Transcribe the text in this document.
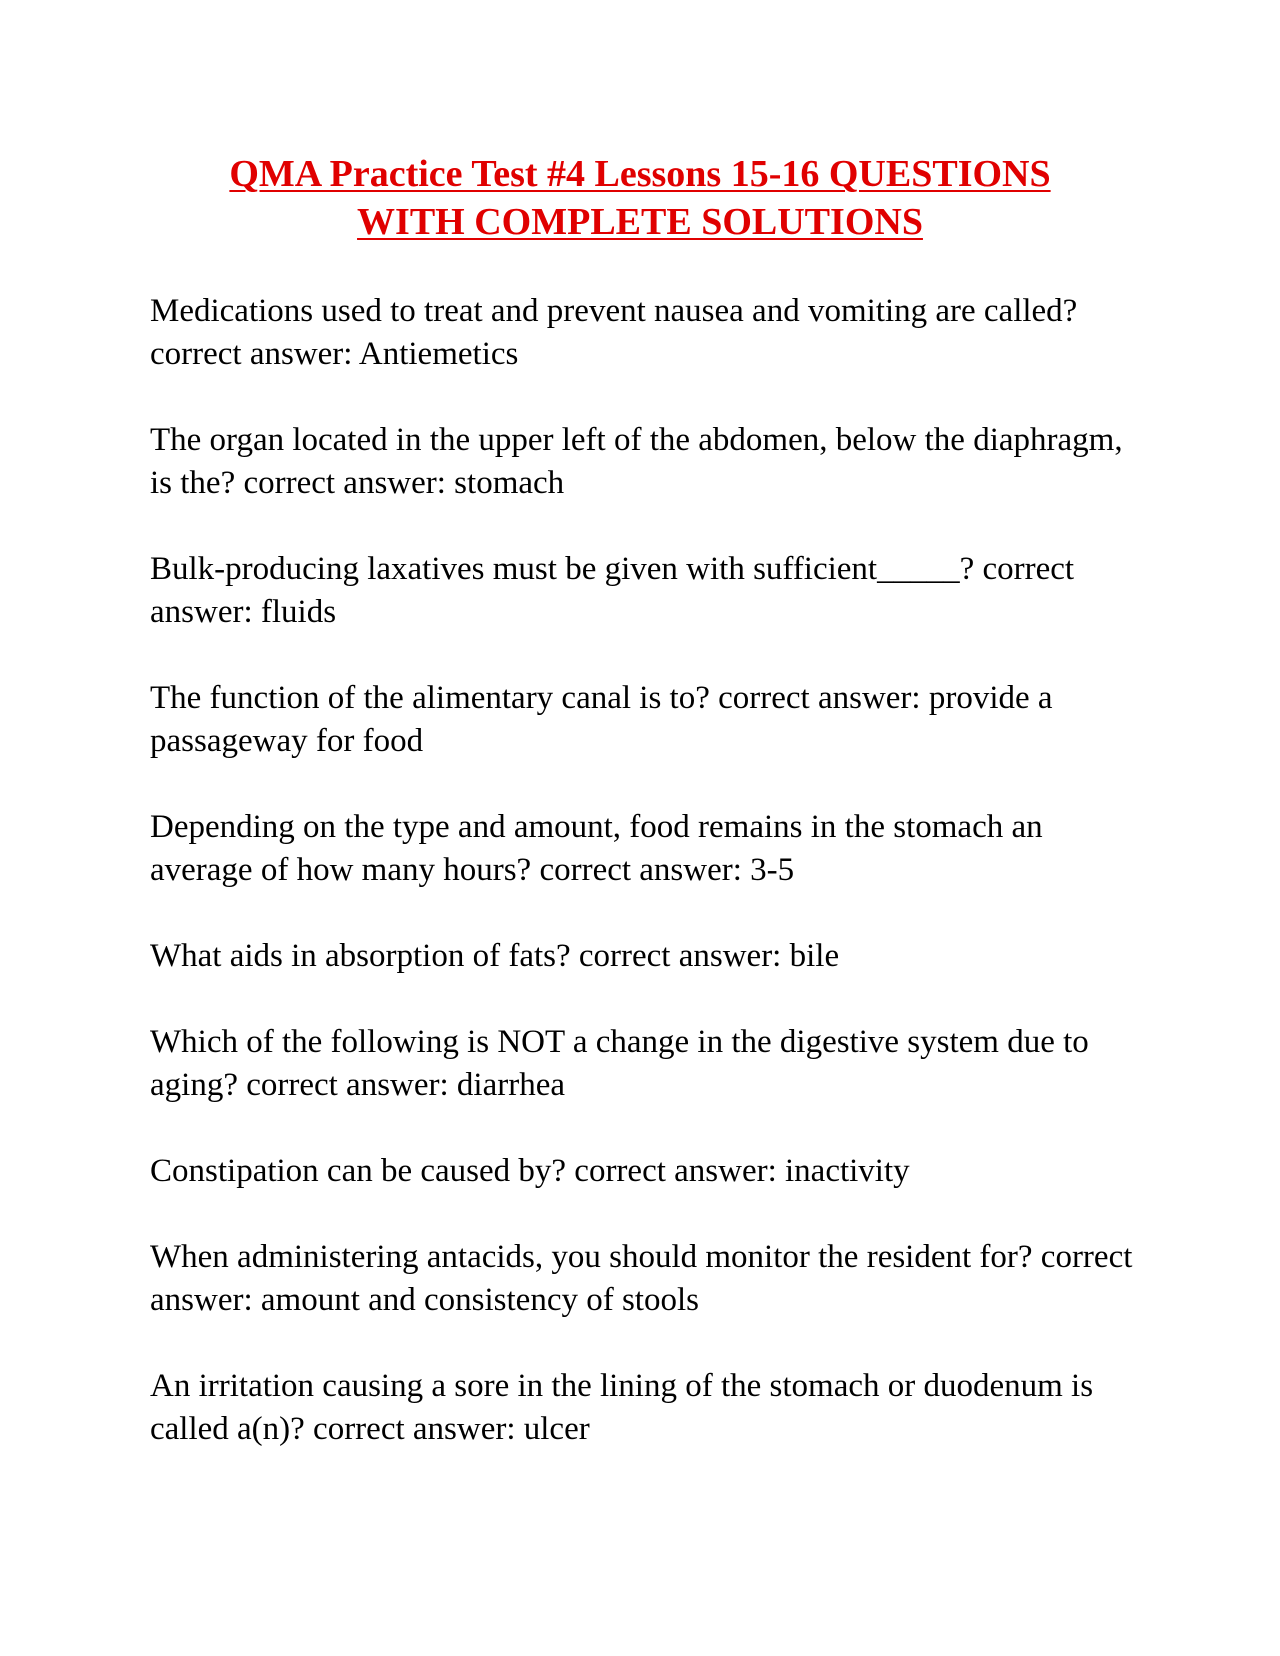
QMA Practice Test #4 Lessons 15-16 QUESTIONS
WITH COMPLETE SOLUTIONS
Medications used to treat and prevent nausea and vomiting are called? correct answer: Antiemetics
The organ located in the upper left of the abdomen, below the diaphragm, is the? correct answer: stomach
Bulk-producing laxatives must be given with sufficient_____? correct answer: fluids
The function of the alimentary canal is to? correct answer: provide a passageway for food
Depending on the type and amount, food remains in the stomach an average of how many hours? correct answer: 3-5
What aids in absorption of fats? correct answer: bile
Which of the following is NOT a change in the digestive system due to aging? correct answer: diarrhea
Constipation can be caused by? correct answer: inactivity
When administering antacids, you should monitor the resident for? correct answer: amount and consistency of stools
An irritation causing a sore in the lining of the stomach or duodenum is called a(n)? correct answer: ulcer
